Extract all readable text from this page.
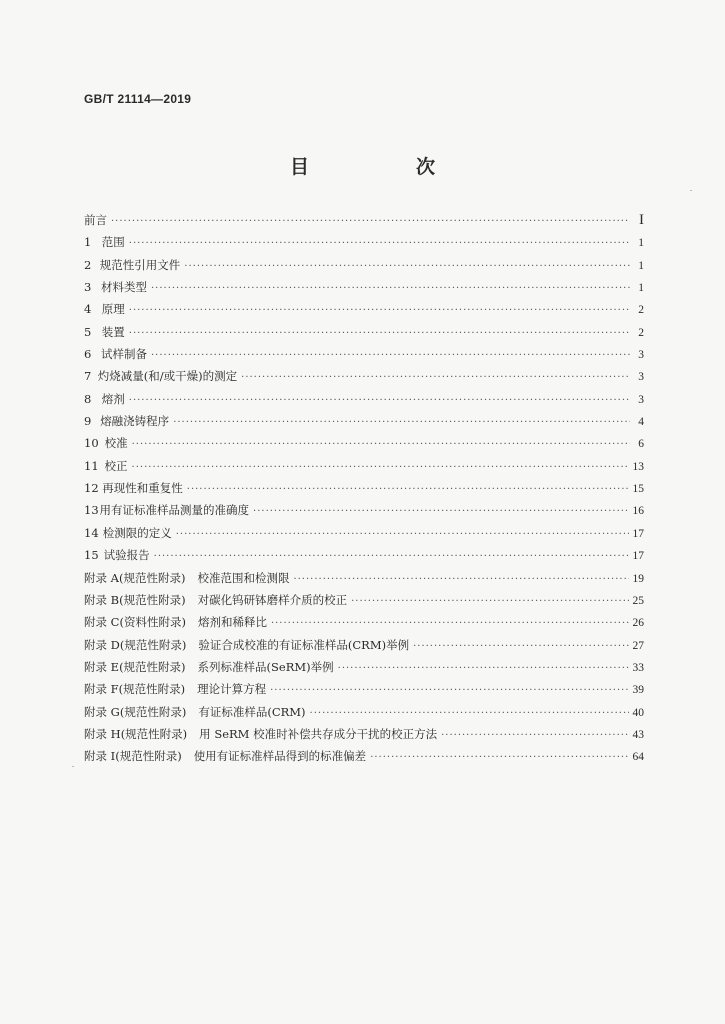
GB/T 21114—2019
目　次
前言 ·····	I
1 范围 ·····	1
2 规范性引用文件 ·····	1
3 材料类型 ·····	1
4 原理 ·····	2
5 装置 ·····	2
6 试样制备 ·····	3
7 灼烧减量(和/或干燥)的测定 ·····	3
8 熔剂 ·····	3
9 熔融浇铸程序 ·····	4
10 校准 ·····	6
11 校正 ·····	13
12 再现性和重复性 ·····	15
13 用有证标准样品测量的准确度 ·····	16
14 检测限的定义 ·····	17
15 试验报告 ·····	17
附录 A (规范性附录) 校准范围和检测限 ·····	19
附录 B (规范性附录) 对碳化钨研钵磨样介质的校正 ·····	25
附录 C (资料性附录) 熔剂和稀释比 ·····	26
附录 D (规范性附录) 验证合成校准的有证标准样品(CRM)举例 ·····	27
附录 E (规范性附录) 系列标准样品(SeRM)举例 ·····	33
附录 F (规范性附录) 理论计算方程 ·····	39
附录 G (规范性附录) 有证标准样品(CRM) ·····	40
附录 H (规范性附录) 用 SeRM 校准时补偿共存成分干扰的校正方法 ·····	43
附录 I (规范性附录) 使用有证标准样品得到的标准偏差 ·····	64
